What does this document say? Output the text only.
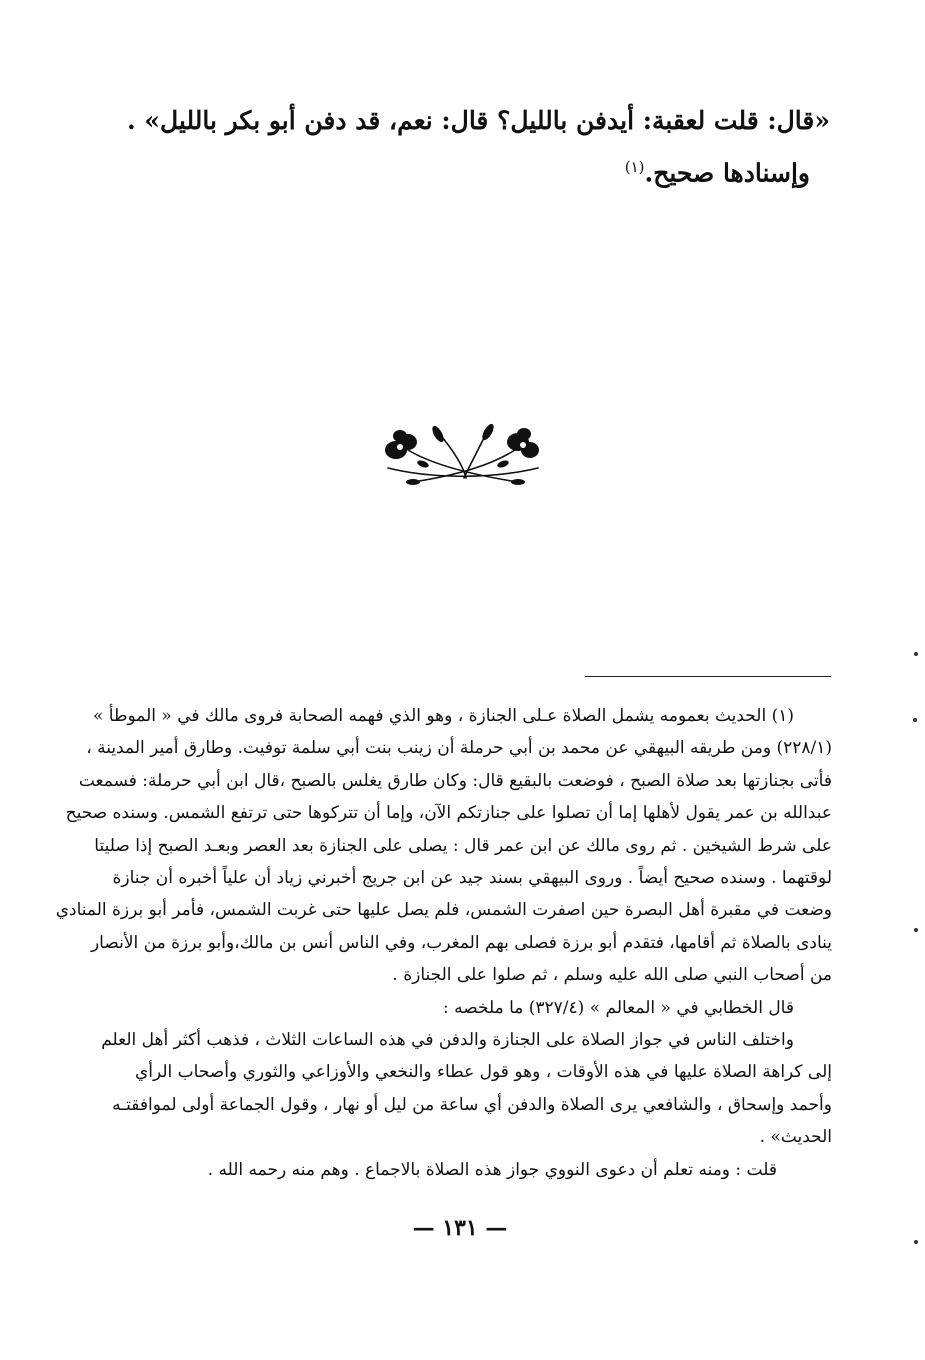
«قال: قلت لعقبة: أيدفن بالليل؟ قال: نعم، قد دفن أبو بكر بالليل» .
وإسنادها صحيح.$^{(١)}$
(١) الحديث بعمومه يشمل الصلاة عـلى الجنازة ، وهو الذي فهمه الصحابة فروى مالك في « الموطأ »
(٢٢٨/١) ومن طريقه البيهقي عن محمد بن أبي حرملة أن زينب بنت أبي سلمة توفيت. وطارق أمير المدينة ،
فأتى بجنازتها بعد صلاة الصبح ، فوضعت بالبقيع قال: وكان طارق يغلس بالصبح ،قال ابن أبي حرملة: فسمعت
عبدالله بن عمر يقول لأهلها إما أن تصلوا على جنازتكم الآن، وإما أن تتركوها حتى ترتفع الشمس. وسنده صحيح
على شرط الشيخين . ثم روى مالك عن ابن عمر قال : يصلى على الجنازة بعد العصر وبعـد الصبح إذا صليتا
لوقتهما . وسنده صحيح أيضاً . وروى البيهقي بسند جيد عن ابن جريج أخبرني زياد أن علياً أخبره أن جنازة
وضعت في مقبرة أهل البصرة حين اصفرت الشمس، فلم يصل عليها حتى غربت الشمس، فأمر أبو برزة المنادي
ينادى بالصلاة ثم أقامها، فتقدم أبو برزة فصلى بهم المغرب، وفي الناس أنس بن مالك،وأبو برزة من الأنصار
من أصحاب النبي صلى الله عليه وسلم ، ثم صلوا على الجنازة .
قال الخطابي في « المعالم » (٣٢٧/٤) ما ملخصه :
واختلف الناس في جواز الصلاة على الجنازة والدفن في هذه الساعات الثلاث ، فذهب أكثر أهل العلم
إلى كراهة الصلاة عليها في هذه الأوقات ، وهو قول عطاء والنخعي والأوزاعي والثوري وأصحاب الرأي
وأحمد وإسحاق ، والشافعي يرى الصلاة والدفن أي ساعة من ليل أو نهار ، وقول الجماعة أولى لموافقتـه
الحديث» .
قلت : ومنه تعلم أن دعوى النووي جواز هذه الصلاة بالاجماع . وهم منه رحمه الله .
— ١٣١ —
